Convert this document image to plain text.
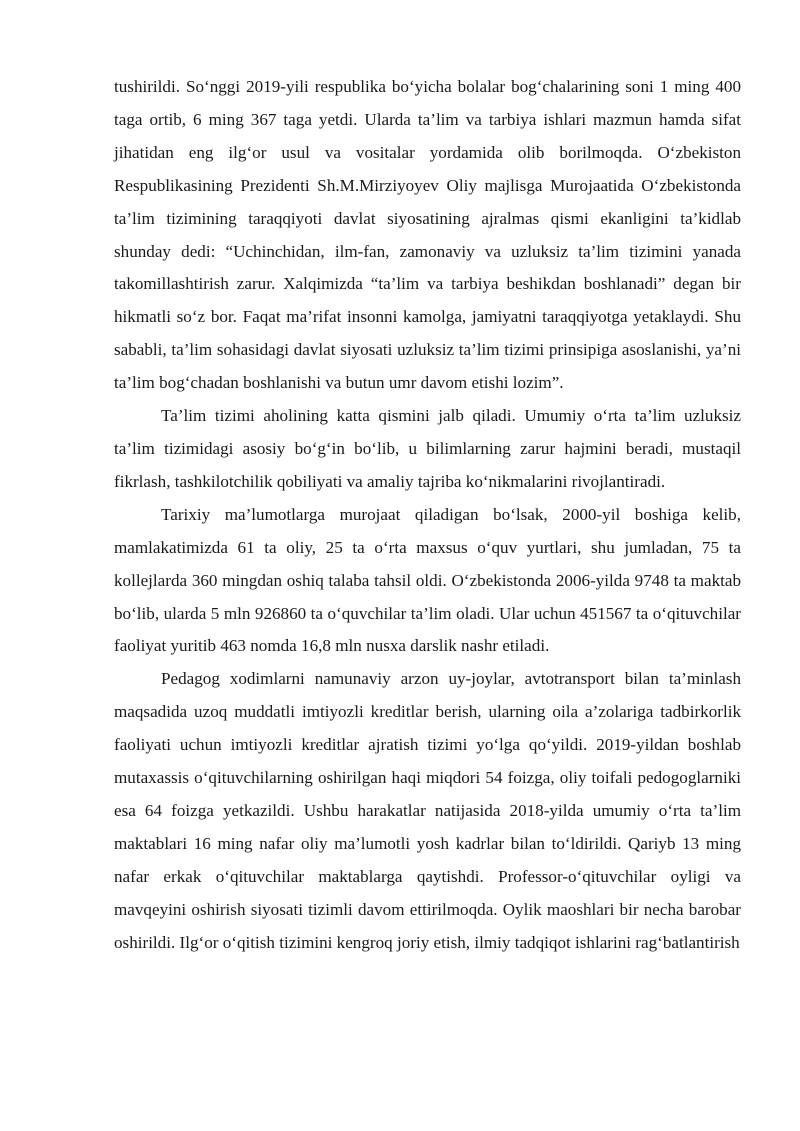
tushirildi. So‘nggi 2019-yili respublika bo‘yicha bolalar bog‘chalarining soni 1 ming 400 taga ortib, 6 ming 367 taga yetdi. Ularda ta’lim va tarbiya ishlari mazmun hamda sifat jihatidan eng ilg‘or usul va vositalar yordamida olib borilmoqda. O‘zbekiston Respublikasining Prezidenti Sh.M.Mirziyoyev Oliy majlisga Murojaatida O‘zbekistonda ta’lim tizimining taraqqiyoti davlat siyosatining ajralmas qismi ekanligini ta’kidlab shunday dedi: “Uchinchidan, ilm-fan, zamonaviy va uzluksiz ta’lim tizimini yanada takomillashtirish zarur. Xalqimizda “ta’lim va tarbiya beshikdan boshlanadi” degan bir hikmatli so‘z bor. Faqat ma’rifat insonni kamolga, jamiyatni taraqqiyotga yetaklaydi. Shu sababli, ta’lim sohasidagi davlat siyosati uzluksiz ta’lim tizimi prinsipiga asoslanishi, ya’ni ta’lim bog‘chadan boshlanishi va butun umr davom etishi lozim”.

Ta’lim tizimi aholining katta qismini jalb qiladi. Umumiy o‘rta ta’lim uzluksiz ta’lim tizimidagi asosiy bo‘g‘in bo‘lib, u bilimlarning zarur hajmini beradi, mustaqil fikrlash, tashkilotchilik qobiliyati va amaliy tajriba ko‘nikmalarini rivojlantiradi.

Tarixiy ma’lumotlarga murojaat qiladigan bo‘lsak, 2000-yil boshiga kelib, mamlakatimizda 61 ta oliy, 25 ta o‘rta maxsus o‘quv yurtlari, shu jumladan, 75 ta kollejlarda 360 mingdan oshiq talaba tahsil oldi. O‘zbekistonda 2006-yilda 9748 ta maktab bo‘lib, ularda 5 mln 926860 ta o‘quvchilar ta’lim oladi. Ular uchun 451567 ta o‘qituvchilar faoliyat yuritib 463 nomda 16,8 mln nusxa darslik nashr etiladi.

Pedagog xodimlarni namunaviy arzon uy-joylar, avtotransport bilan ta’minlash maqsadida uzoq muddatli imtiyozli kreditlar berish, ularning oila a’zolariga tadbirkorlik faoliyati uchun imtiyozli kreditlar ajratish tizimi yo‘lga qo‘yildi. 2019-yildan boshlab mutaxassis o‘qituvchilarning oshirilgan haqi miqdori 54 foizga, oliy toifali pedogoglarniki esa 64 foizga yetkazildi. Ushbu harakatlar natijasida 2018-yilda umumiy o‘rta ta’lim maktablari 16 ming nafar oliy ma’lumotli yosh kadrlar bilan to‘ldirildi. Qariyb 13 ming nafar erkak o‘qituvchilar maktablarga qaytishdi. Professor-o‘qituvchilar oyligi va mavqeyini oshirish siyosati tizimli davom ettirilmoqda. Oylik maoshlari bir necha barobar oshirildi. Ilg‘or o‘qitish tizimini kengroq joriy etish, ilmiy tadqiqot ishlarini rag‘batlantirish
